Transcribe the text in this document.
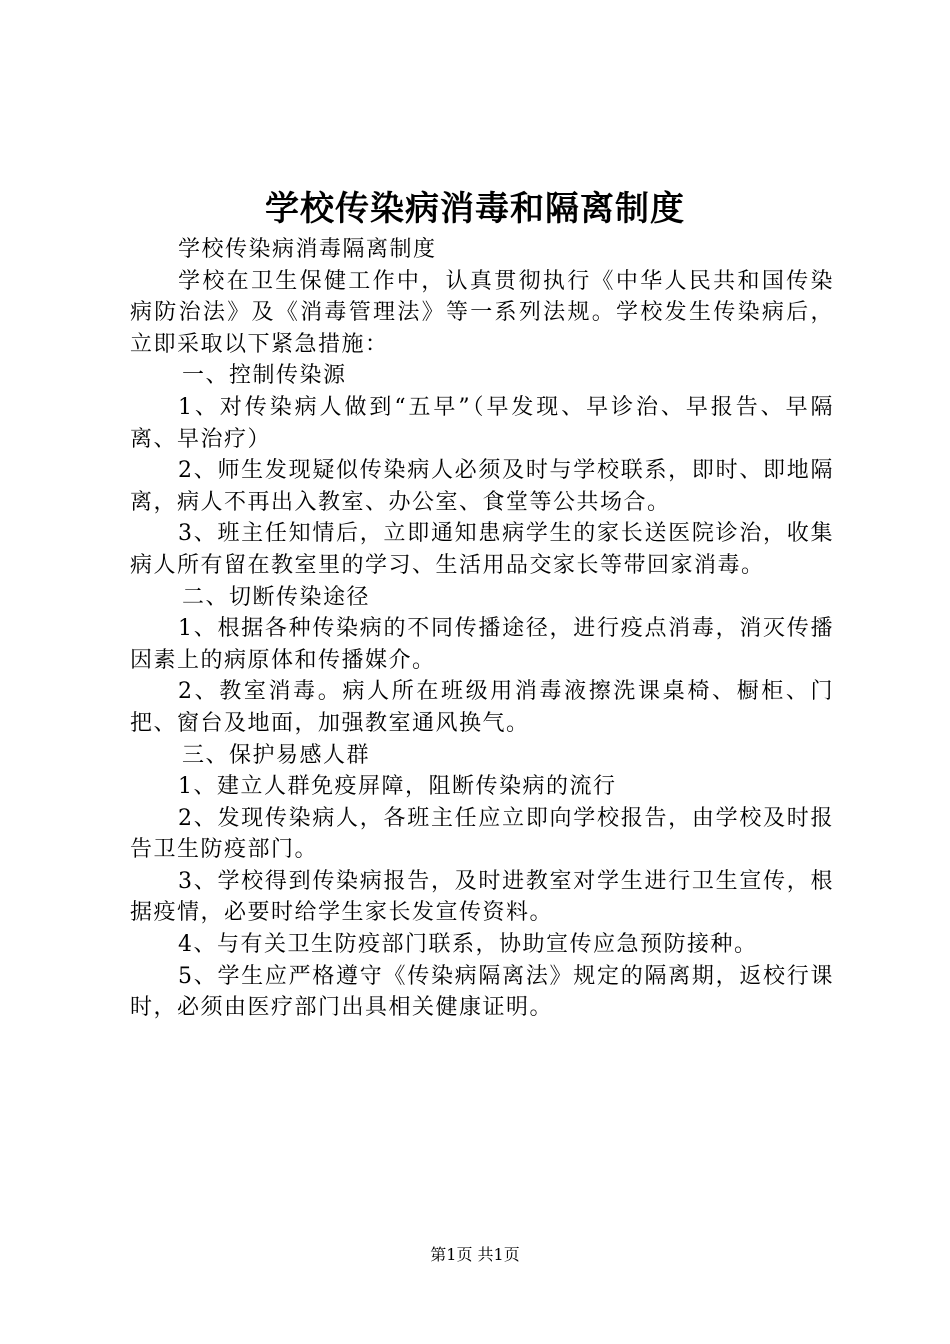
学校传染病消毒和隔离制度

学校传染病消毒隔离制度

学校在卫生保健工作中，认真贯彻执行《中华人民共和国传染病防治法》及《消毒管理法》等一系列法规。学校发生传染病后，立即采取以下紧急措施：

一、控制传染源

1、对传染病人做到“五早”（早发现、早诊治、早报告、早隔离、早治疗）

2、师生发现疑似传染病人必须及时与学校联系，即时、即地隔离，病人不再出入教室、办公室、食堂等公共场合。

3、班主任知情后，立即通知患病学生的家长送医院诊治，收集病人所有留在教室里的学习、生活用品交家长等带回家消毒。

二、切断传染途径

1、根据各种传染病的不同传播途径，进行疫点消毒，消灭传播因素上的病原体和传播媒介。

2、教室消毒。病人所在班级用消毒液擦洗课桌椅、橱柜、门把、窗台及地面，加强教室通风换气。

三、保护易感人群

1、建立人群免疫屏障，阻断传染病的流行

2、发现传染病人，各班主任应立即向学校报告，由学校及时报告卫生防疫部门。

3、学校得到传染病报告，及时进教室对学生进行卫生宣传，根据疫情，必要时给学生家长发宣传资料。

4、与有关卫生防疫部门联系，协助宣传应急预防接种。

5、学生应严格遵守《传染病隔离法》规定的隔离期，返校行课时，必须由医疗部门出具相关健康证明。

第1页 共1页
